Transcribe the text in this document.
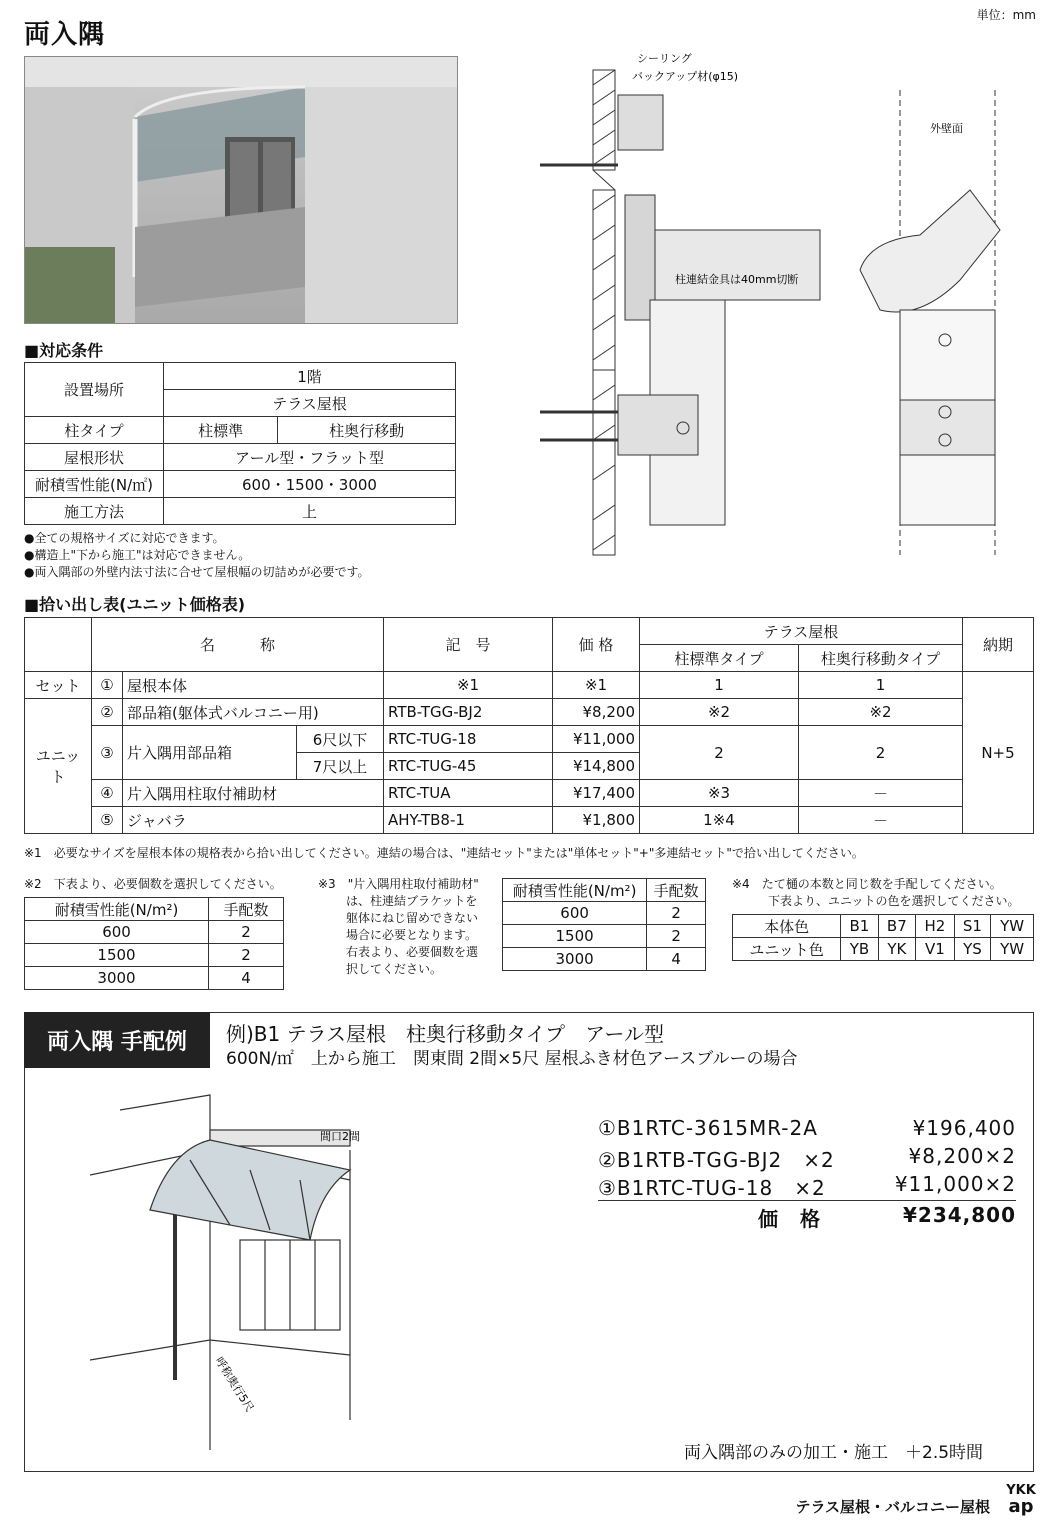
両入隅
単位：mm
シーリング
バックアップ材(φ15)
外壁面
柱連結金具は40mm切断
■対応条件
設置場所	1階	
	テラス屋根	
柱タイプ	柱標準	柱奥行移動
屋根形状	アール型・フラット型	
耐積雪性能(N/㎡)	600・1500・3000	
施工方法	上	
●全ての規格サイズに対応できます。
●構造上"下から施工"は対応できません。
●両入隅部の外壁内法寸法に合せて屋根幅の切詰めが必要です。
■拾い出し表(ユニット価格表)
	名　　　称			記　号	価 格	テラス屋根		納期
						柱標準タイプ	柱奥行移動タイプ	
セット	①	屋根本体		※1	※1	1	1	N+5
ユニット	②	部品箱(躯体式バルコニー用)		RTB-TGG-BJ2	¥8,200	※2	※2	
	③	片入隅用部品箱	6尺以下	RTC-TUG-18	¥11,000	2	2	
			7尺以上	RTC-TUG-45	¥14,800			
	④	片入隅用柱取付補助材		RTC-TUA	¥17,400	※3	－	
	⑤	ジャバラ		AHY-TB8-1	¥1,800	1※4	－	
※1　必要なサイズを屋根本体の規格表から拾い出してください。連結の場合は、"連結セット"または"単体セット"+"多連結セット"で拾い出してください。
※2　下表より、必要個数を選択してください。
耐積雪性能(N/m²)	手配数
600	2
1500	2
3000	4
※3　"片入隅用柱取付補助材"
は、柱連結ブラケットを
躯体にねじ留めできない
場合に必要となります。
右表より、必要個数を選
択してください。
耐積雪性能(N/m²)	手配数
600	2
1500	2
3000	4
※4　たて樋の本数と同じ数を手配してください。
下表より、ユニットの色を選択してください。
本体色	B1	B7	H2	S1	YW
ユニット色	YB	YK	V1	YS	YW
両入隅 手配例	例)B1 テラス屋根　柱奥行移動タイプ　アール型
600N/㎡　上から施工　関東間 2間×5尺 屋根ふき材色アースブルーの場合
間口2間
呼称奥行5尺
①B1RTC-3615MR-2A	¥196,400
②B1RTB-TGG-BJ2　×2	¥8,200×2
③B1RTC-TUG-18　×2	¥11,000×2
価　格	¥234,800
両入隅部のみの加工・施工　＋2.5時間
テラス屋根・バルコニー屋根
YKK
ap
